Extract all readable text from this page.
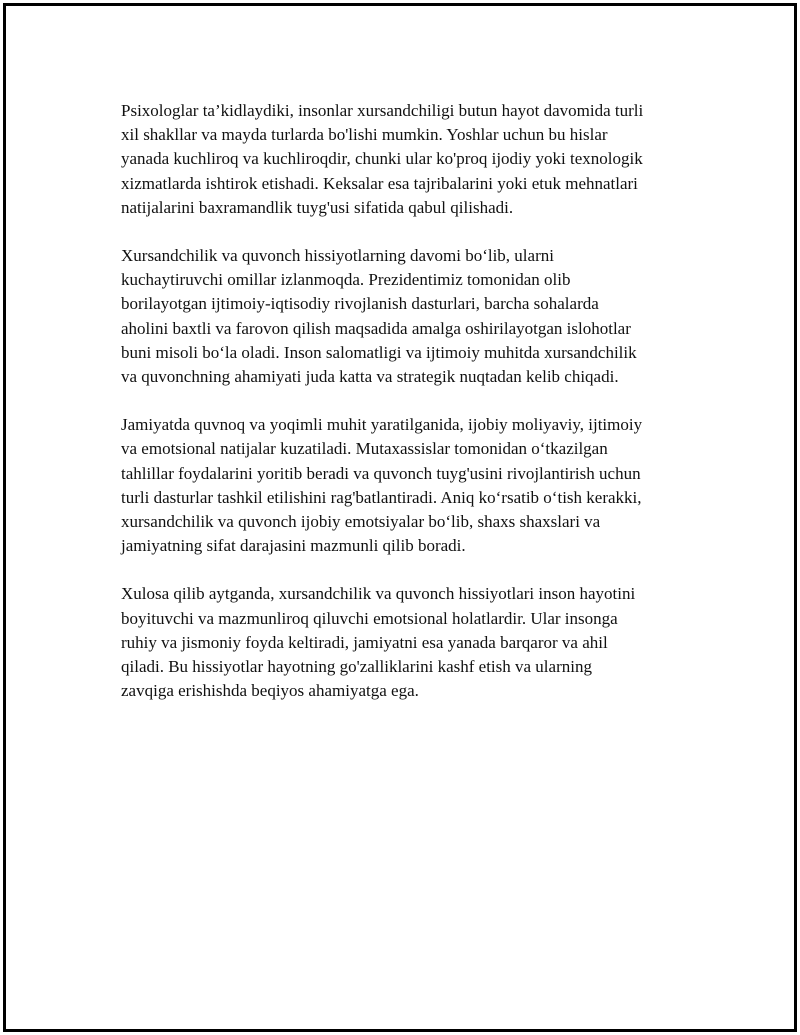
Psixologlar ta’kidlaydiki, insonlar xursandchiligi butun hayot davomida turli
xil shakllar va mayda turlarda bo'lishi mumkin. Yoshlar uchun bu hislar
yanada kuchliroq va kuchliroqdir, chunki ular ko'proq ijodiy yoki texnologik
xizmatlarda ishtirok etishadi. Keksalar esa tajribalarini yoki etuk mehnatlari
natijalarini baxramandlik tuyg'usi sifatida qabul qilishadi.

Xursandchilik va quvonch hissiyotlarning davomi boʻlib, ularni
kuchaytiruvchi omillar izlanmoqda. Prezidentimiz tomonidan olib
borilayotgan ijtimoiy-iqtisodiy rivojlanish dasturlari, barcha sohalarda
aholini baxtli va farovon qilish maqsadida amalga oshirilayotgan islohotlar
buni misoli boʻla oladi. Inson salomatligi va ijtimoiy muhitda xursandchilik
va quvonchning ahamiyati juda katta va strategik nuqtadan kelib chiqadi.

Jamiyatda quvnoq va yoqimli muhit yaratilganida, ijobiy moliyaviy, ijtimoiy
va emotsional natijalar kuzatiladi. Mutaxassislar tomonidan oʻtkazilgan
tahlillar foydalarini yoritib beradi va quvonch tuyg'usini rivojlantirish uchun
turli dasturlar tashkil etilishini rag'batlantiradi. Aniq koʻrsatib oʻtish kerakki,
xursandchilik va quvonch ijobiy emotsiyalar boʻlib, shaxs shaxslari va
jamiyatning sifat darajasini mazmunli qilib boradi.

Xulosa qilib aytganda, xursandchilik va quvonch hissiyotlari inson hayotini
boyituvchi va mazmunliroq qiluvchi emotsional holatlardir. Ular insonga
ruhiy va jismoniy foyda keltiradi, jamiyatni esa yanada barqaror va ahil
qiladi. Bu hissiyotlar hayotning go'zalliklarini kashf etish va ularning
zavqiga erishishda beqiyos ahamiyatga ega.
